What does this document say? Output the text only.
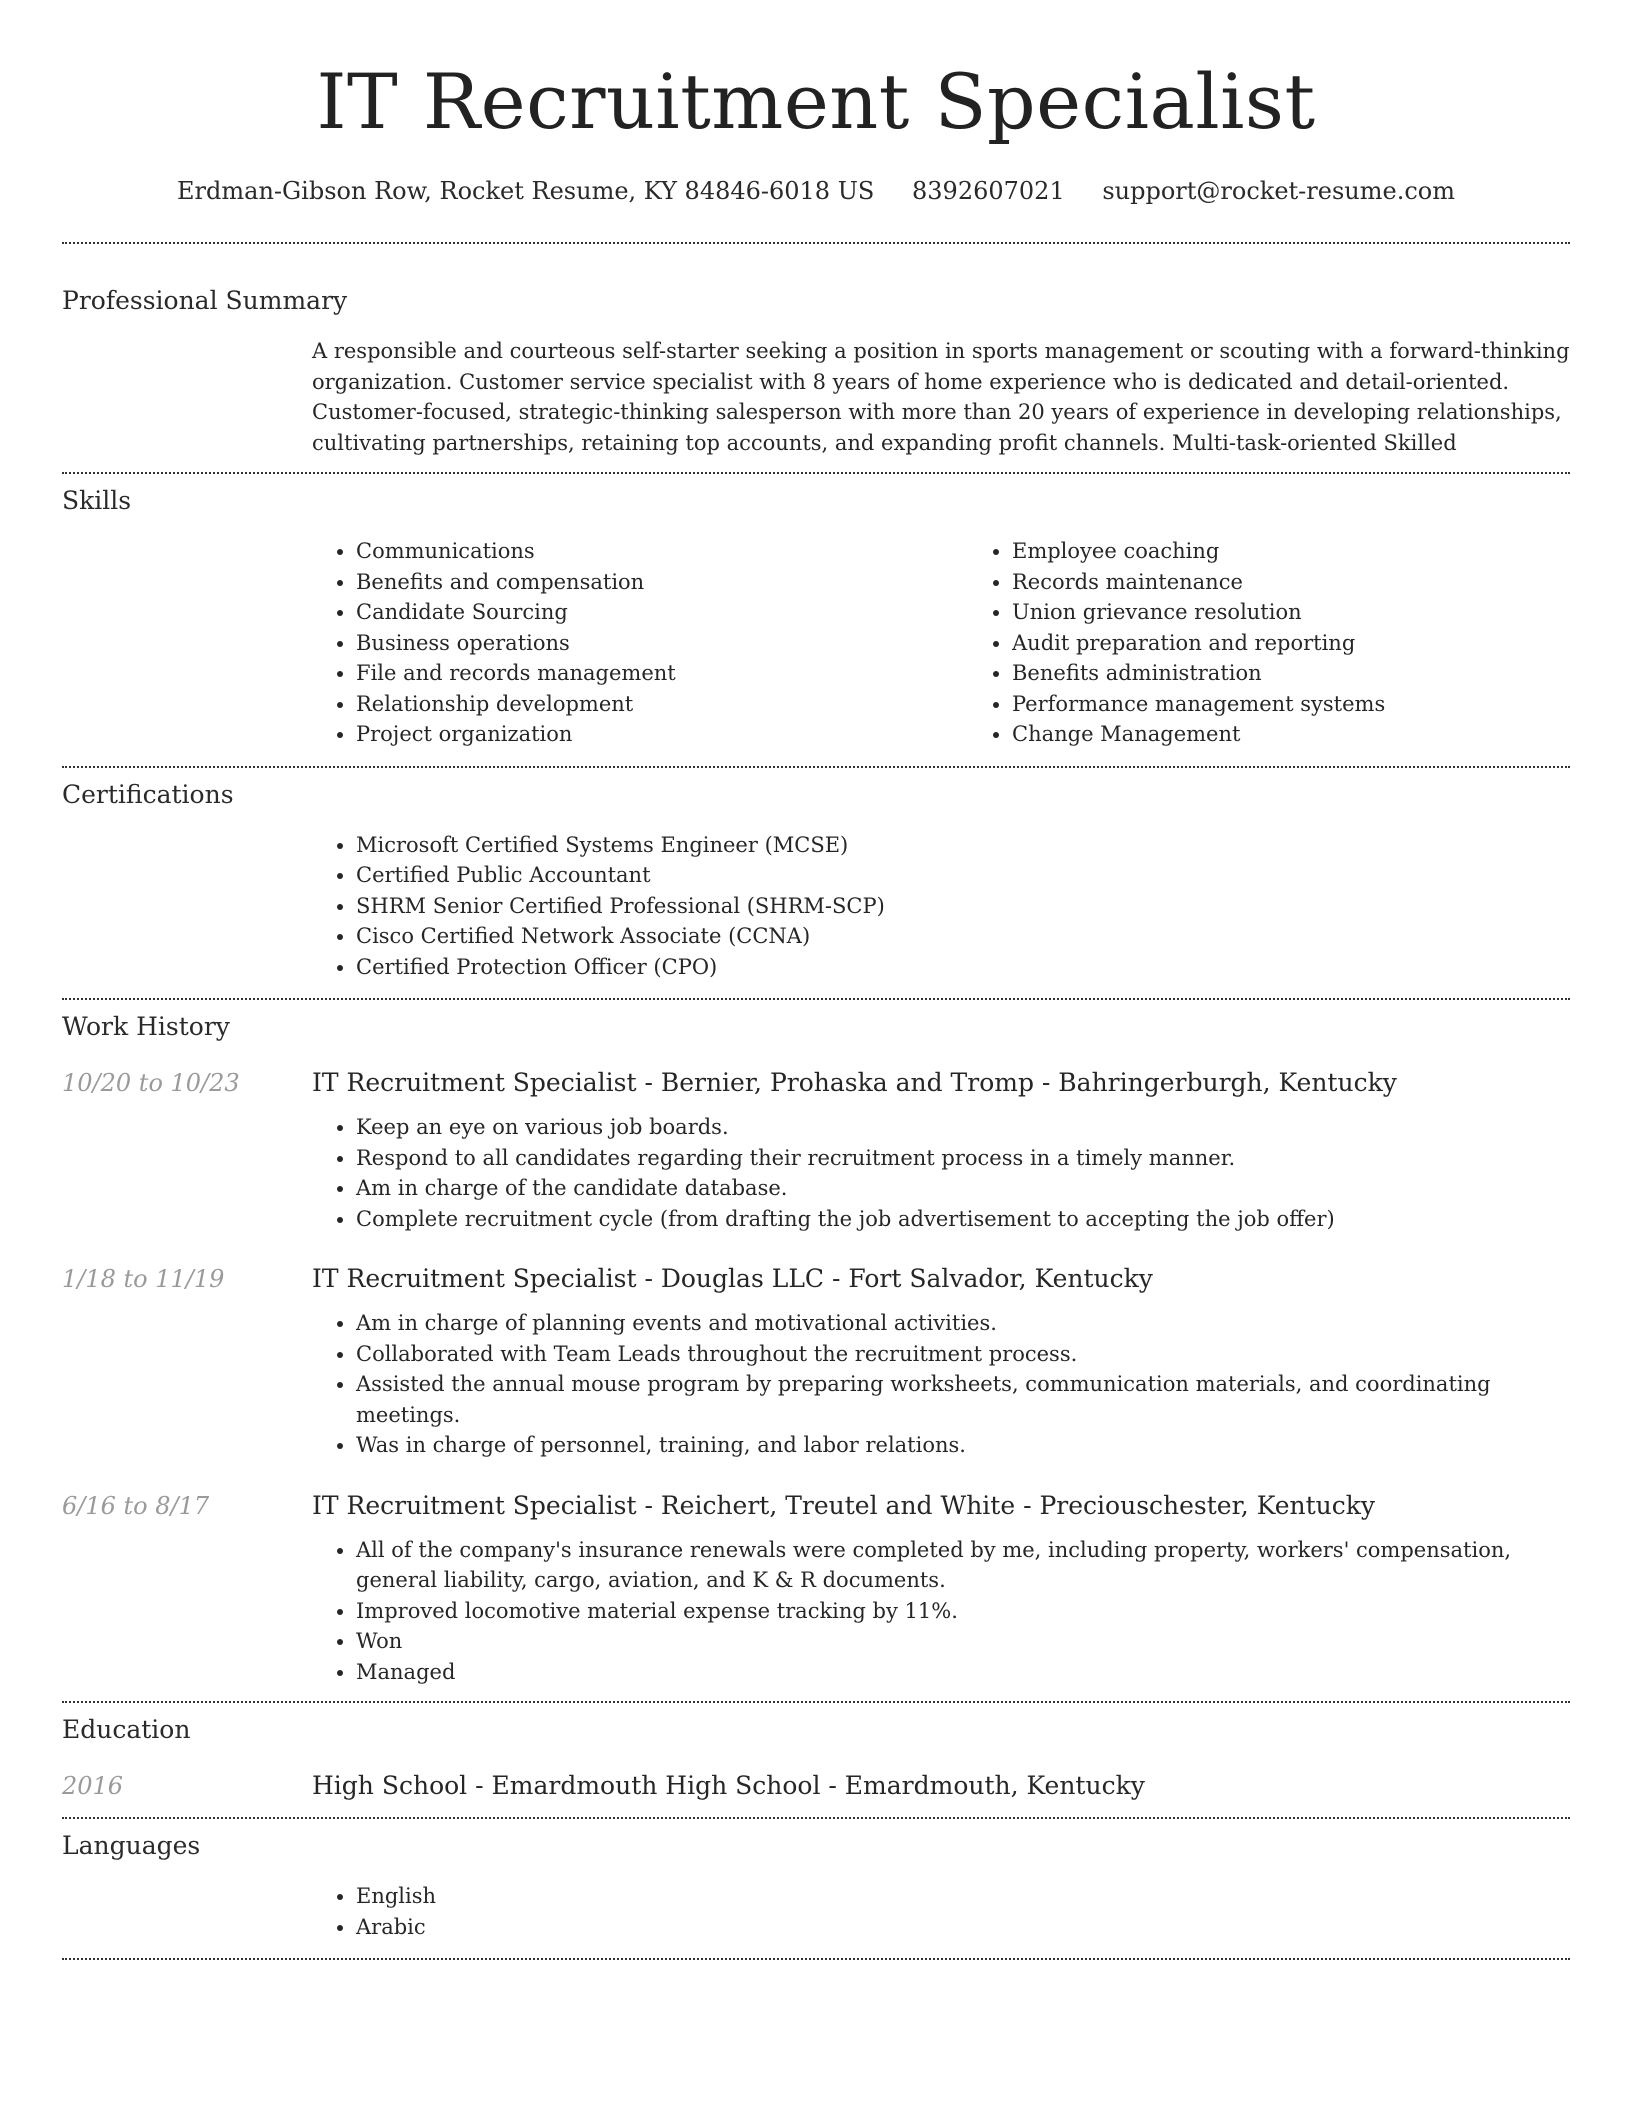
IT Recruitment Specialist
Erdman-Gibson Row, Rocket Resume, KY 84846-6018 US 8392607021 support@rocket-resume.com
Professional Summary
A responsible and courteous self-starter seeking a position in sports management or scouting with a forward-thinking organization. Customer service specialist with 8 years of home experience who is dedicated and detail-oriented. Customer-focused, strategic-thinking salesperson with more than 20 years of experience in developing relationships, cultivating partnerships, retaining top accounts, and expanding profit channels. Multi-task-oriented Skilled
Skills
• Communications
• Benefits and compensation
• Candidate Sourcing
• Business operations
• File and records management
• Relationship development
• Project organization
• Employee coaching
• Records maintenance
• Union grievance resolution
• Audit preparation and reporting
• Benefits administration
• Performance management systems
• Change Management
Certifications
• Microsoft Certified Systems Engineer (MCSE)
• Certified Public Accountant
• SHRM Senior Certified Professional (SHRM-SCP)
• Cisco Certified Network Associate (CCNA)
• Certified Protection Officer (CPO)
Work History
10/20 to 10/23	IT Recruitment Specialist - Bernier, Prohaska and Tromp - Bahringerburgh, Kentucky
• Keep an eye on various job boards.
• Respond to all candidates regarding their recruitment process in a timely manner.
• Am in charge of the candidate database.
• Complete recruitment cycle (from drafting the job advertisement to accepting the job offer)
1/18 to 11/19	IT Recruitment Specialist - Douglas LLC - Fort Salvador, Kentucky
• Am in charge of planning events and motivational activities.
• Collaborated with Team Leads throughout the recruitment process.
• Assisted the annual mouse program by preparing worksheets, communication materials, and coordinating meetings.
• Was in charge of personnel, training, and labor relations.
6/16 to 8/17	IT Recruitment Specialist - Reichert, Treutel and White - Preciouschester, Kentucky
• All of the company's insurance renewals were completed by me, including property, workers' compensation, general liability, cargo, aviation, and K & R documents.
• Improved locomotive material expense tracking by 11%.
• Won
• Managed
Education
2016	High School - Emardmouth High School - Emardmouth, Kentucky
Languages
• English
• Arabic
